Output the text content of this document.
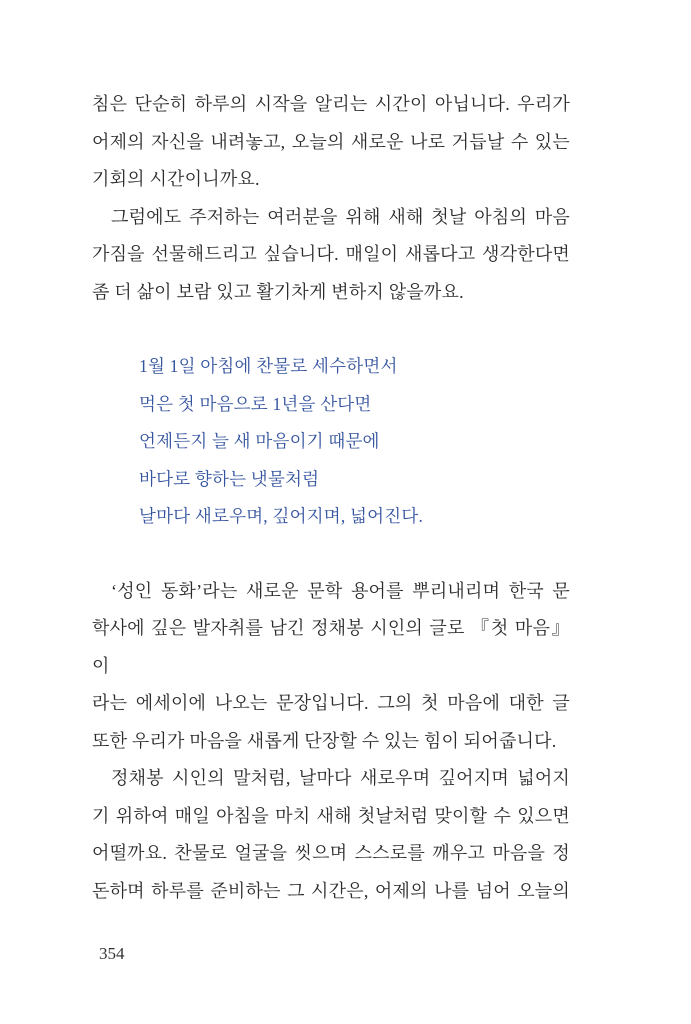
침은 단순히 하루의 시작을 알리는 시간이 아닙니다. 우리가
어제의 자신을 내려놓고, 오늘의 새로운 나로 거듭날 수 있는
기회의 시간이니까요.
그럼에도 주저하는 여러분을 위해 새해 첫날 아침의 마음
가짐을 선물해드리고 싶습니다. 매일이 새롭다고 생각한다면
좀 더 삶이 보람 있고 활기차게 변하지 않을까요.
1월 1일 아침에 찬물로 세수하면서
먹은 첫 마음으로 1년을 산다면
언제든지 늘 새 마음이기 때문에
바다로 향하는 냇물처럼
날마다 새로우며, 깊어지며, 넓어진다.
‘성인 동화’라는 새로운 문학 용어를 뿌리내리며 한국 문
학사에 깊은 발자취를 남긴 정채봉 시인의 글로 『첫 마음』이
라는 에세이에 나오는 문장입니다. 그의 첫 마음에 대한 글
또한 우리가 마음을 새롭게 단장할 수 있는 힘이 되어줍니다.
정채봉 시인의 말처럼, 날마다 새로우며 깊어지며 넓어지
기 위하여 매일 아침을 마치 새해 첫날처럼 맞이할 수 있으면
어떨까요. 찬물로 얼굴을 씻으며 스스로를 깨우고 마음을 정
돈하며 하루를 준비하는 그 시간은, 어제의 나를 넘어 오늘의
354
